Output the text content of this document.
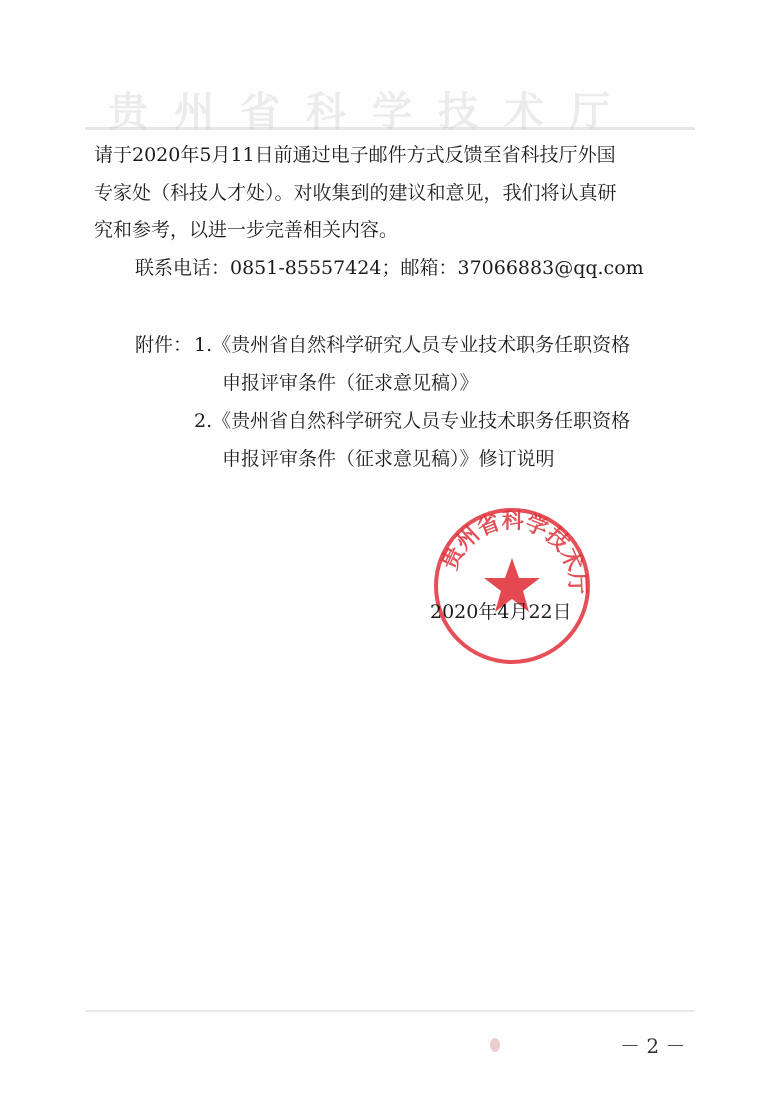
贵州省科学技术厅
请于2020年5月11日前通过电子邮件方式反馈至省科技厅外国
专家处（科技人才处）。对收集到的建议和意见，我们将认真研
究和参考，以进一步完善相关内容。
联系电话：0851-85557424；邮箱：37066883@qq.com
附件： 1.《贵州省自然科学研究人员专业技术职务任职资格
申报评审条件（征求意见稿）》
2.《贵州省自然科学研究人员专业技术职务任职资格
申报评审条件（征求意见稿）》修订说明
贵州省科学技术厅
2020年4月22日
－ 2 －
